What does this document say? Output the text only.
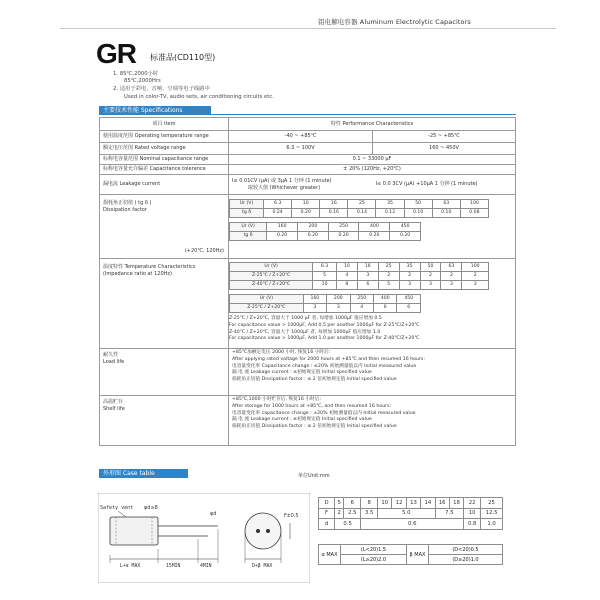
铝电解电容器 Aluminum Electrolytic Capacitors
GR 标准品(CD110型)
1. 85℃,2000小时
85℃,2000Hrs
2. 适用于彩电、音响、空调等电子线路中
Used in color-TV, audio sets, air conditioning circuits etc.
主要技术性能 Specifications
项目 Item	特性 Performance Characteristics
使用温度范围 Operating temperature range	-40 ~ +85℃	-25 ~ +85℃
额定电压范围 Rated voltage range	6.3 ~ 100V	160 ~ 450V
标称电容量范围 Nominal capacitance range	0.1 ~ 33000 μF
标称电容量允许偏差 Capacitance tolerance	± 20% (120Hz, +20℃)
漏电流 Leakage current	
I≤ 0.01CV (μA) 或 3μA 1 分钟 (1 minute)
取较大值 (Whichever greater)
	I≤ 0.0 3CV (μA) +10μA 1 分钟 (1 minute)

损耗角正切值 ( tg δ )
Dissipation factor
(+20℃, 120Hz)

Ur (V)	6.3	10	16	25	35	50	63	100
tg δ	0.24	0.20	0.16	0.14	0.12	0.10	0.10	0.08
Ur (V)	160	200	250	400	450
tg δ	0.20	0.20	0.20	0.20	0.20

温度特性 Temperature Characteristics
(Impedance ratio at 120Hz)

Ur (V)	6.3	10	16	25	35	50	63	100
Z-25℃ / Z+20℃	5	4	3	2	2	2	2	2
Z-40℃ / Z+20℃	10	8	6	5	3	3	3	3
Ur (V)	160	200	250	400	450
Z-25℃ / Z+20℃	3	3	4	6	6
Z-25℃ / Z+20℃, 容量大于 1000 μF 者, 每增加 1000μF 值应增加 0.5
For capacitance value > 1000μF, Add 0.5 per another 1000μF for Z-25℃/Z+20℃
Z-40℃ / Z+20℃, 容量大于 1000μF 者, 每增加 1000μF 值应增加 1.0
For capacitance value > 1000μF, Add 1.0 per another 1000μF for Z-40℃/Z+20℃

耐久性
Load life

+85℃加额定电压 2000 小时, 恢复16 小时后:
After applying rated voltage for 2000 hours at +85℃ and then resumed 16 hours:
电容量变化率 Capacitance change : ≤20% 初始测量值以内 Initial measured value
漏 电 流 Leakage current : ≤初始规定值 Initial specified value
损耗角正切值 Dissipation factor : ≤ 2 倍初始规定值 Initial specified value

高温贮存
Shelf life

+85℃,1000 小时贮存后, 恢复16 小时后:
After storage for 1000 hours at +85℃, and then resumed 16 hours:
电容量变化率 capacitance change : ±20% 初始测量值以内 Initial measured value
漏 电 流 Leakage current : ≤初始规定值 Initial specified value
损耗角正切值 Dissipation factor : ≤ 2 倍初始规定值 Initial specified value
外形图 Case table	单位Unit:mm
Safety vent φd≥8
φd
L+α MAX	15MIN	4MIN	D+β MAX
F±0.5
D	5	6	8	10	12	13	14	16	18	22	25
F	2	2.5	3.5	5.0				7.5		10	12.5
d	0.5		0.6							0.8	1.0
α MAX	(L<20)1.5	β MAX	(D<20)0.5
	(L≥20)2.0		(D≥20)1.0
